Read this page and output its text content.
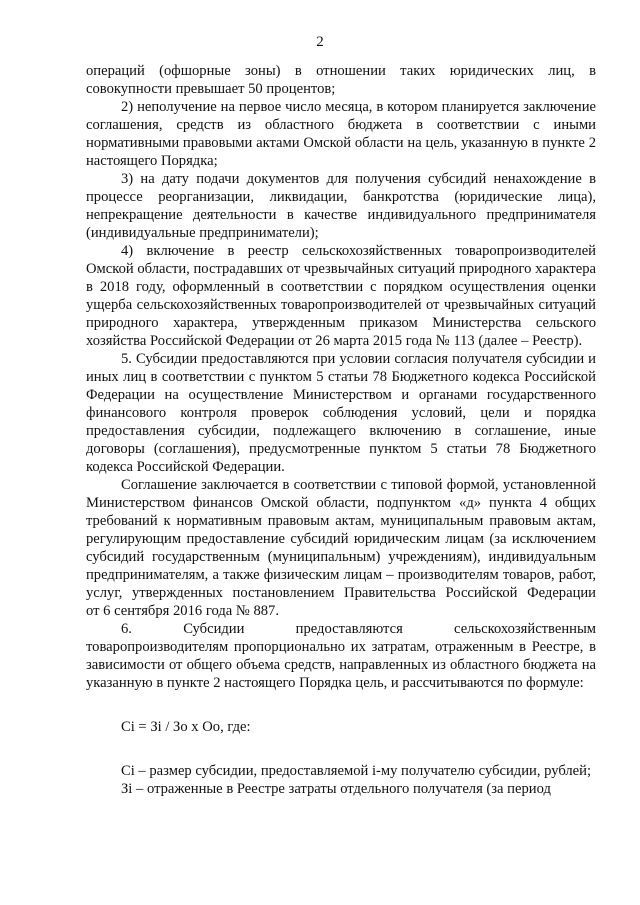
2

операций (офшорные зоны) в отношении таких юридических лиц, в совокупности превышает 50 процентов;

2) неполучение на первое число месяца, в котором планируется заключение соглашения, средств из областного бюджета в соответствии с иными нормативными правовыми актами Омской области на цель, указанную в пункте 2 настоящего Порядка;

3) на дату подачи документов для получения субсидий ненахождение в процессе реорганизации, ликвидации, банкротства (юридические лица), непрекращение деятельности в качестве индивидуального предпринимателя (индивидуальные предприниматели);

4) включение в реестр сельскохозяйственных товаропроизводителей Омской области, пострадавших от чрезвычайных ситуаций природного характера в 2018 году, оформленный в соответствии с порядком осуществления оценки ущерба сельскохозяйственных товаропроизводителей от чрезвычайных ситуаций природного характера, утвержденным приказом Министерства сельского хозяйства Российской Федерации от 26 марта 2015 года № 113 (далее – Реестр).

5. Субсидии предоставляются при условии согласия получателя субсидии и иных лиц в соответствии с пунктом 5 статьи 78 Бюджетного кодекса Российской Федерации на осуществление Министерством и органами государственного финансового контроля проверок соблюдения условий, цели и порядка предоставления субсидии, подлежащего включению в соглашение, иные договоры (соглашения), предусмотренные пунктом 5 статьи 78 Бюджетного кодекса Российской Федерации.

Соглашение заключается в соответствии с типовой формой, установленной Министерством финансов Омской области, подпунктом «д» пункта 4 общих требований к нормативным правовым актам, муниципальным правовым актам, регулирующим предоставление субсидий юридическим лицам (за исключением субсидий государственным (муниципальным) учреждениям), индивидуальным предпринимателям, а также физическим лицам – производителям товаров, работ, услуг, утвержденных постановлением Правительства Российской Федерации

от 6 сентября 2016 года № 887.

6. Субсидии предоставляются сельскохозяйственным товаропроизводителям пропорционально их затратам, отраженным в Реестре, в зависимости от общего объема средств, направленных из областного бюджета на указанную в пункте 2 настоящего Порядка цель, и рассчитываются по формуле:

Сi = Зi / Зо х Оо, где:

Сi – размер субсидии, предоставляемой i-му получателю субсидии, рублей;

Зi – отраженные в Реестре затраты отдельного получателя (за период
